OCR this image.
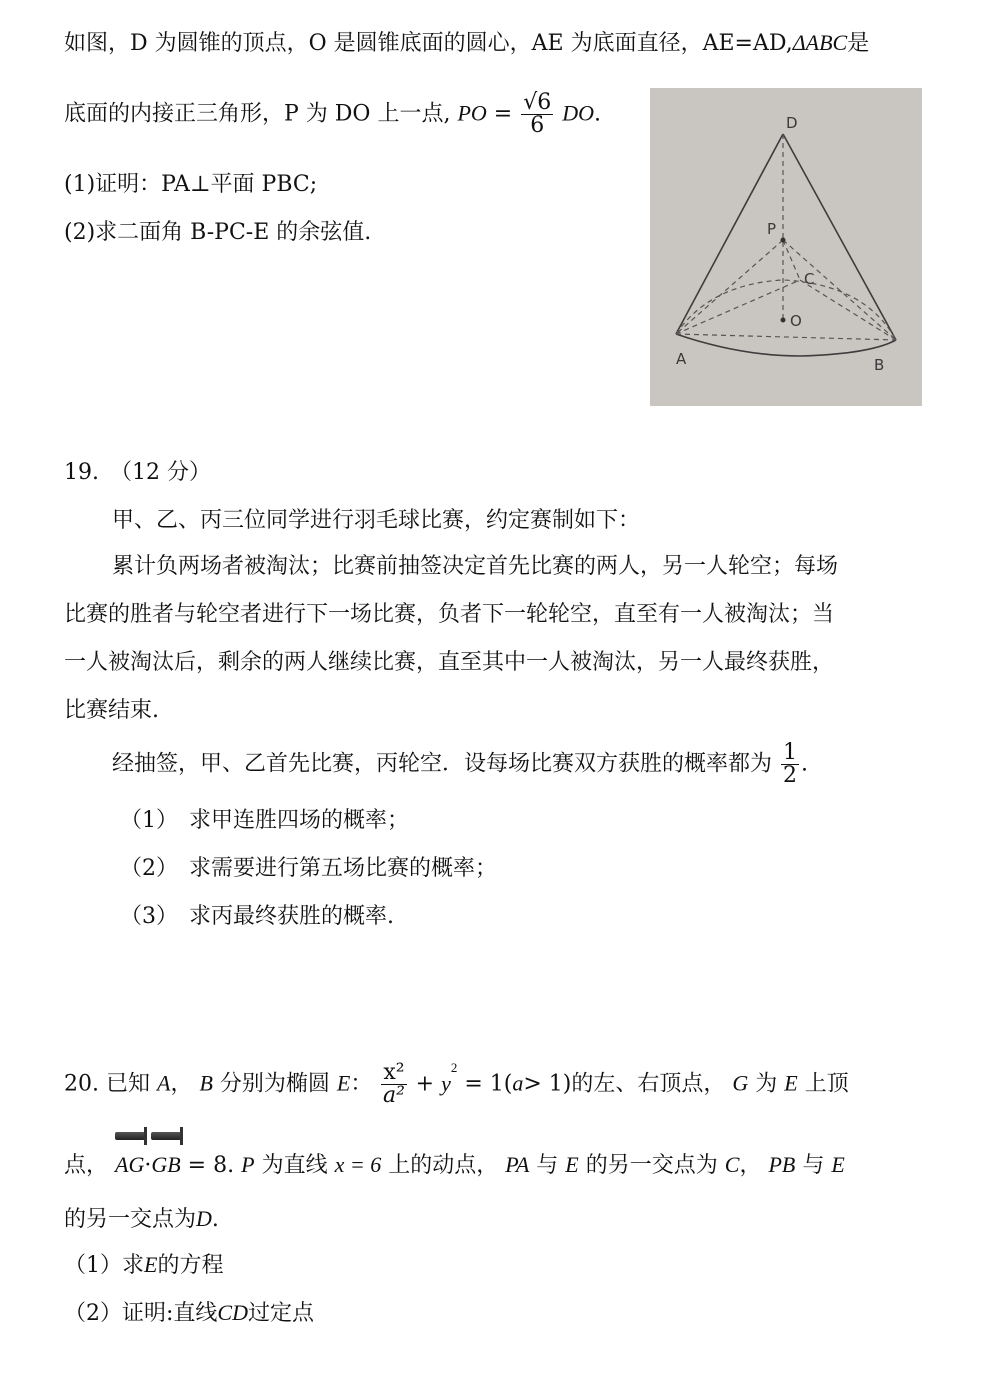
如图，D 为圆锥的顶点，O 是圆锥底面的圆心，AE 为底面直径，AE=AD,ΔABC是
底面的内接正三角形，P 为 DO 上一点, PO = $\frac{√6}{6}$ DO.
(1)证明：PA⊥平面 PBC;
(2)求二面角 B-PC-E 的余弦值.
D
P
C
O
A	B
19.　（12 分）
甲、乙、丙三位同学进行羽毛球比赛，约定赛制如下：
累计负两场者被淘汰；比赛前抽签决定首先比赛的两人，另一人轮空；每场
比赛的胜者与轮空者进行下一场比赛，负者下一轮轮空，直至有一人被淘汰；当
一人被淘汰后，剩余的两人继续比赛，直至其中一人被淘汰，另一人最终获胜，
比赛结束.
经抽签，甲、乙首先比赛，丙轮空．设每场比赛双方获胜的概率都为 $\frac{1}{2}$ .
（1）　求甲连胜四场的概率；
（2）　求需要进行第五场比赛的概率；
（3）　求丙最终获胜的概率.
20. 已知 A， B 分别为椭圆 E： $\frac{\text{x²}}{\text{a²}} + y^2 = 1(a> 1)$的左、右顶点， G 为 E 上顶
点， AG·
GB = 8. P 为直线 x = 6 上的动点， PA 与 E 的另一交点为 C， PB 与 E
的另一交点为D.
（1）求E的方程
（2）证明:直线CD过定点
